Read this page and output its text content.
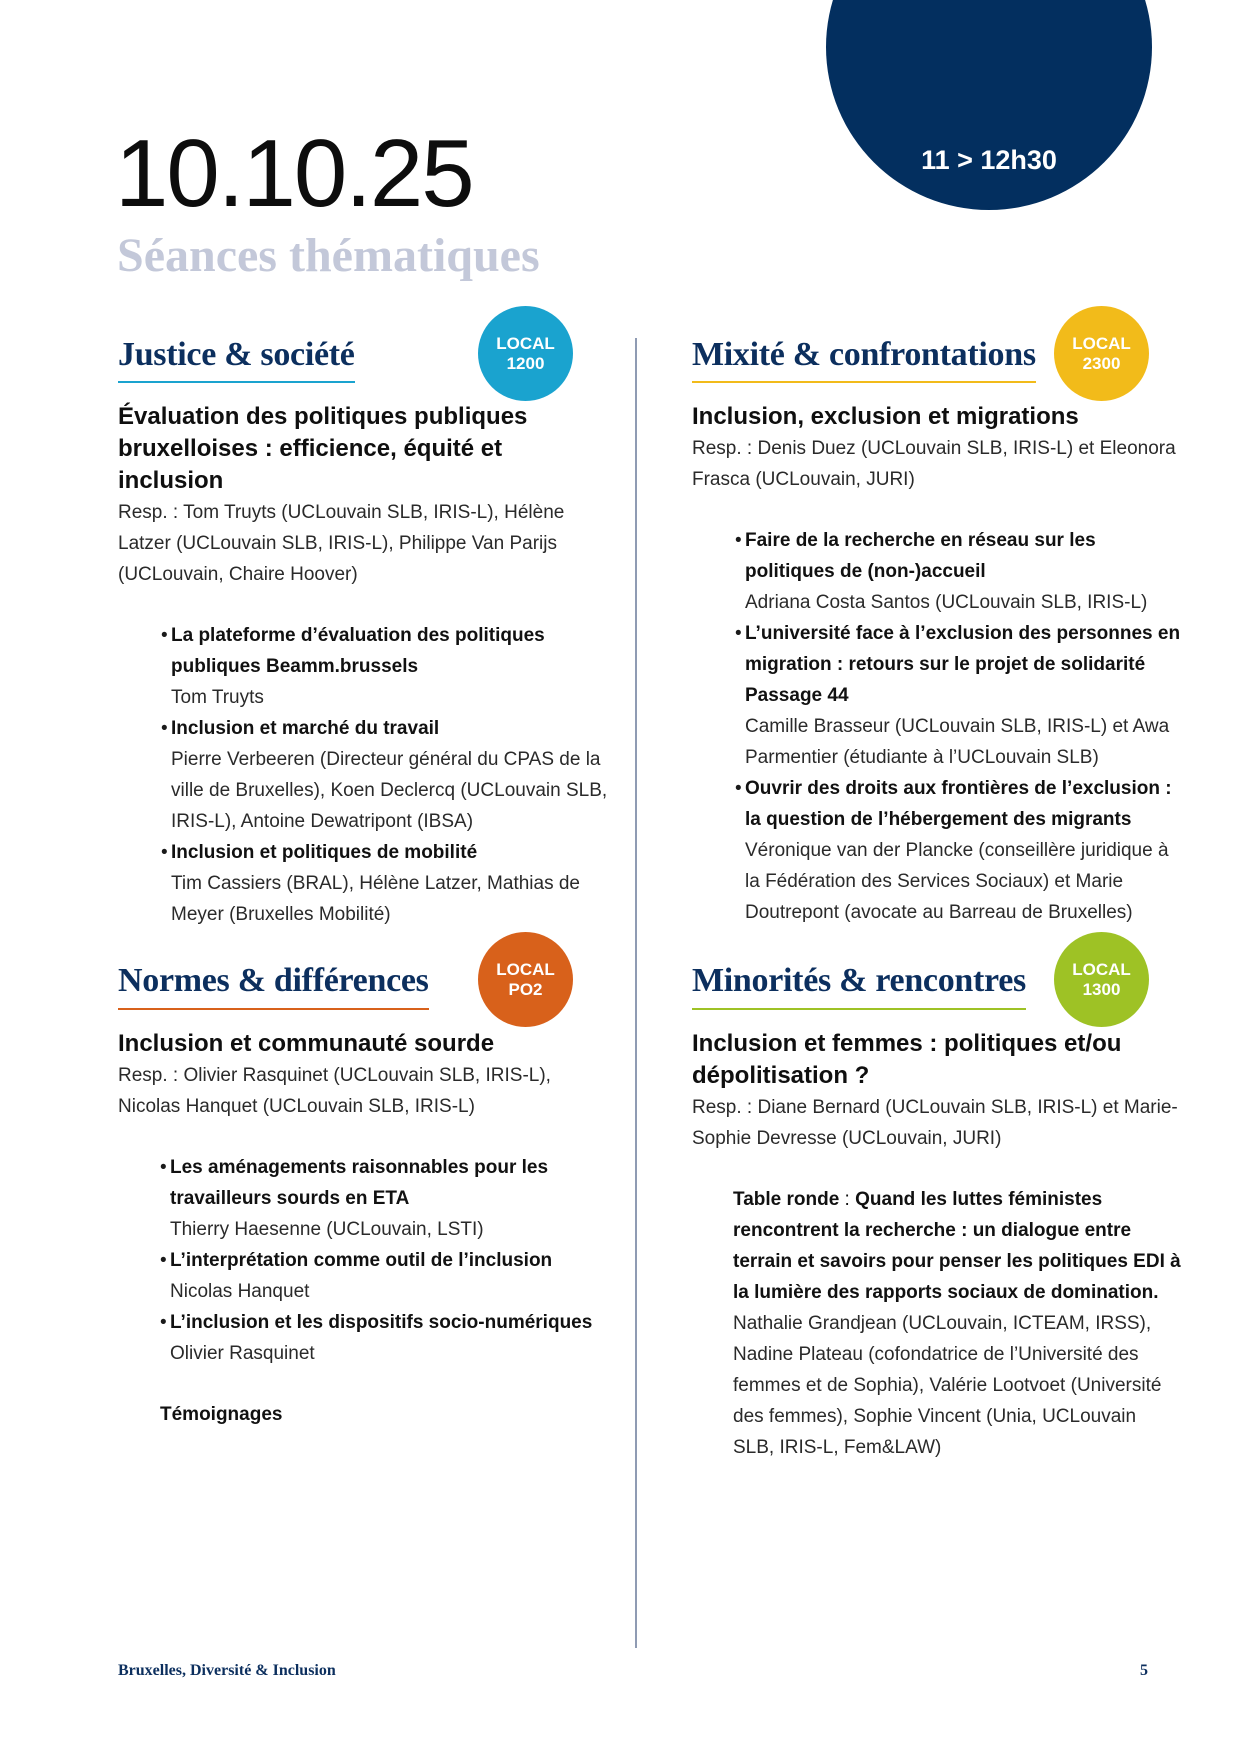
11 > 12h30
10.10.25
Séances thématiques
LOCAL
1200
Justice & société
Évaluation des politiques publiques bruxelloises : efficience, équité et inclusion
Resp. : Tom Truyts (UCLouvain SLB, IRIS-L), Hélène Latzer (UCLouvain SLB, IRIS-L), Philippe Van Parijs (UCLouvain, Chaire Hoover)
• La plateforme d’évaluation des politiques publiques Beamm.brussels
Tom Truyts
• Inclusion et marché du travail
Pierre Verbeeren (Directeur général du CPAS de la ville de Bruxelles), Koen Declercq (UCLouvain SLB, IRIS-L), Antoine Dewatripont (IBSA)
• Inclusion et politiques de mobilité
Tim Cassiers (BRAL), Hélène Latzer, Mathias de Meyer (Bruxelles Mobilité)
LOCAL
PO2
Normes & différences
Inclusion et communauté sourde
Resp. : Olivier Rasquinet (UCLouvain SLB, IRIS-L), Nicolas Hanquet (UCLouvain SLB, IRIS-L)
• Les aménagements raisonnables pour les travailleurs sourds en ETA
Thierry Haesenne (UCLouvain, LSTI)
• L’interprétation comme outil de l’inclusion
Nicolas Hanquet
• L’inclusion et les dispositifs socio-numériques
Olivier Rasquinet
Témoignages
LOCAL
2300
Mixité & confrontations
Inclusion, exclusion et migrations
Resp. : Denis Duez (UCLouvain SLB, IRIS-L) et Eleonora Frasca (UCLouvain, JURI)
• Faire de la recherche en réseau sur les politiques de (non-)accueil
Adriana Costa Santos (UCLouvain SLB, IRIS-L)
• L’université face à l’exclusion des personnes en migration : retours sur le projet de solidarité Passage 44
Camille Brasseur (UCLouvain SLB, IRIS-L) et Awa Parmentier (étudiante à l’UCLouvain SLB)
• Ouvrir des droits aux frontières de l’exclusion : la question de l’hébergement des migrants
Véronique van der Plancke (conseillère juridique à la Fédération des Services Sociaux) et Marie Doutrepont (avocate au Barreau de Bruxelles)
LOCAL
1300
Minorités & rencontres
Inclusion et femmes : politiques et/ou dépolitisation ?
Resp. : Diane Bernard (UCLouvain SLB, IRIS-L) et Marie-Sophie Devresse (UCLouvain, JURI)
Table ronde : Quand les luttes féministes rencontrent la recherche : un dialogue entre terrain et savoirs pour penser les politiques EDI à la lumière des rapports sociaux de domination.
Nathalie Grandjean (UCLouvain, ICTEAM, IRSS), Nadine Plateau (cofondatrice de l’Université des femmes et de Sophia), Valérie Lootvoet (Université des femmes), Sophie Vincent (Unia, UCLouvain SLB, IRIS-L, Fem&LAW)
Bruxelles, Diversité & Inclusion	5
